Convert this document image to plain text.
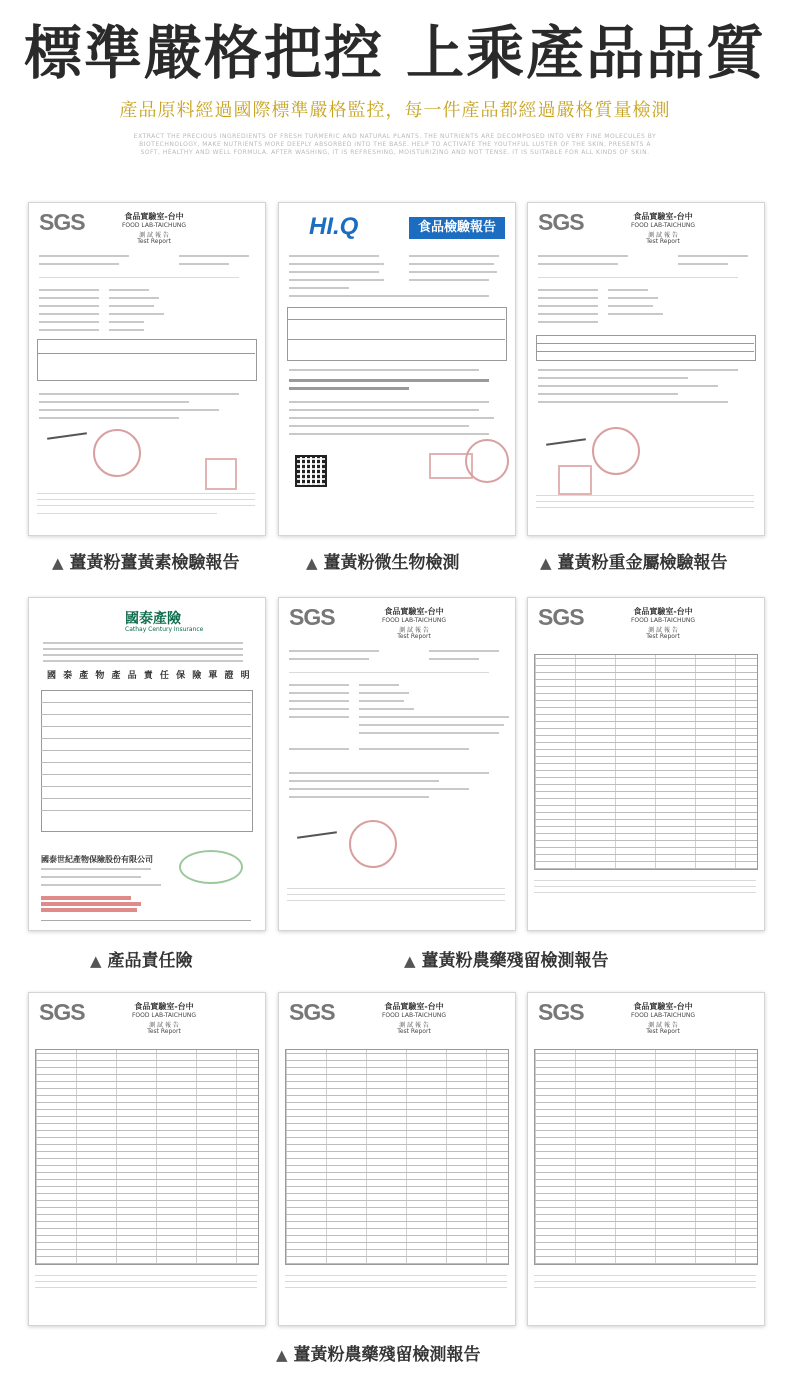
標準嚴格把控 上乘產品品質
產品原料經過國際標準嚴格監控，每一件產品都經過嚴格質量檢測
EXTRACT THE PRECIOUS INGREDIENTS OF FRESH TURMERIC AND NATURAL PLANTS. THE NUTRIENTS ARE DECOMPOSED INTO VERY FINE MOLECULES BY BIOTECHNOLOGY, MAKE NUTRIENTS MORE DEEPLY ABSORBED INTO THE BASE. HELP TO ACTIVATE THE YOUTHFUL LUSTER OF THE SKIN, PRESENTS A SOFT, HEALTHY AND WELL FORMULA. AFTER WASHING, IT IS REFRESHING, MOISTURIZING AND NOT TENSE. IT IS SUITABLE FOR ALL KINDS OF SKIN.
SGS	食品實驗室-台中
FOOD LAB-TAICHUNG
測 試 報 告
Test Report
HI.Q	食品檢驗報告	SGS	食品實驗室-台中
FOOD LAB-TAICHUNG
測 試 報 告
Test Report
▲ 薑黃粉薑黃素檢驗報告	▲ 薑黃粉微生物檢測	▲ 薑黃粉重金屬檢驗報告
國泰產險
Cathay Century Insurance
國 泰 產 物 產 品 責 任 保 險 單 證 明
國泰世紀產物保險股份有限公司
SGS	食品實驗室-台中
FOOD LAB-TAICHUNG
測 試 報 告
Test Report
SGS	食品實驗室-台中
FOOD LAB-TAICHUNG
測 試 報 告
Test Report
▲ 產品責任險	▲ 薑黃粉農藥殘留檢測報告
SGS	食品實驗室-台中
FOOD LAB-TAICHUNG
測 試 報 告
Test Report
SGS	食品實驗室-台中
FOOD LAB-TAICHUNG
測 試 報 告
Test Report
SGS	食品實驗室-台中
FOOD LAB-TAICHUNG
測 試 報 告
Test Report
▲ 薑黃粉農藥殘留檢測報告
